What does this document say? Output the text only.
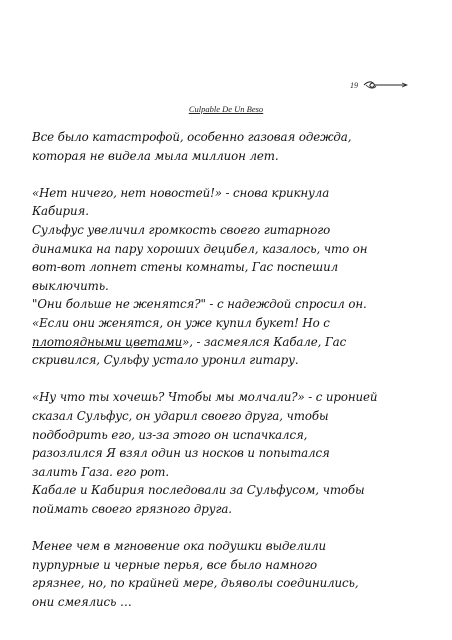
19
Culpable De Un Beso
Все было катастрофой, особенно газовая одежда,
которая не видела мыла миллион лет.
«Нет ничего, нет новостей!» - снова крикнула
Кабирия.
Сульфус увеличил громкость своего гитарного
динамика на пару хороших децибел, казалось, что он
вот-вот лопнет стены комнаты, Гас поспешил
выключить.
"Они больше не женятся?" - с надеждой спросил он.
«Если они женятся, он уже купил букет! Но с
плотоядными цветами», - засмеялся Кабале, Гас
скривился, Сульфу устало уронил гитару.
«Ну что ты хочешь? Чтобы мы молчали?» - с иронией
сказал Сульфус, он ударил своего друга, чтобы
подбодрить его, из-за этого он испачкался,
разозлился Я взял один из носков и попытался
залить Газа. его рот.
Кабале и Кабирия последовали за Сульфусом, чтобы
поймать своего грязного друга.
Менее чем в мгновение ока подушки выделили
пурпурные и черные перья, все было намного
грязнее, но, по крайней мере, дьяволы соединились,
они смеялись …
